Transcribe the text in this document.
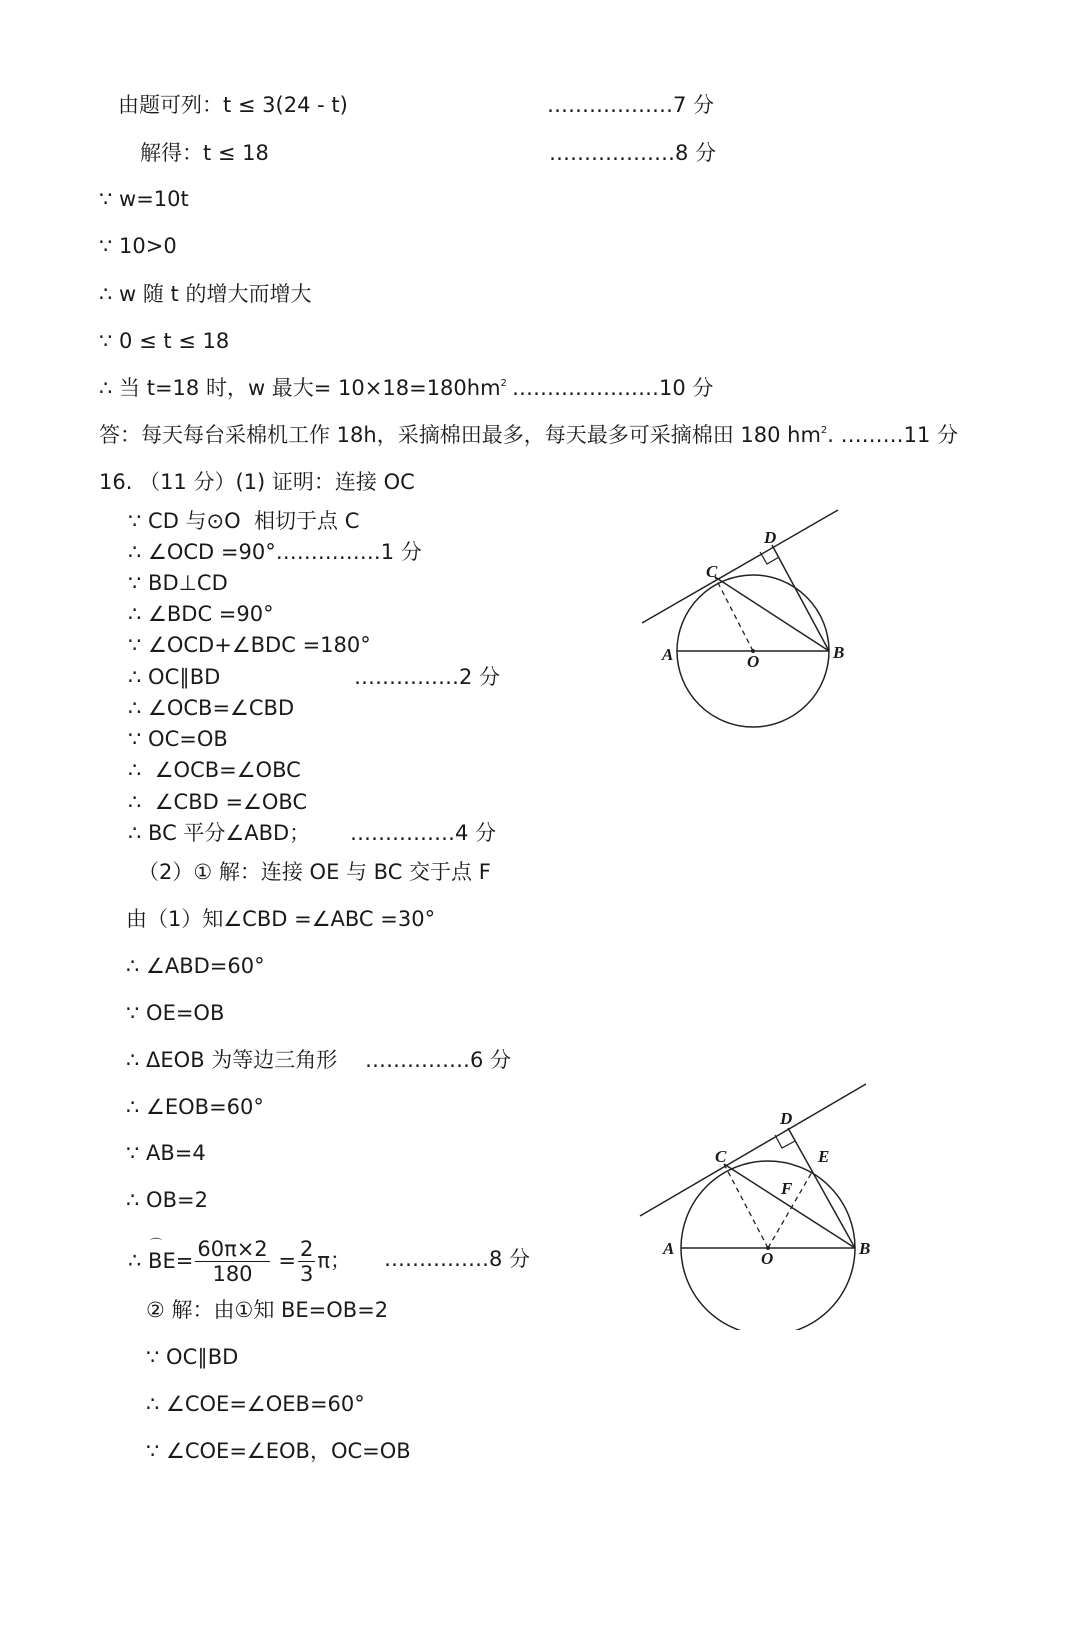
由题可列：t ≤ 3(24 - t)	………………7 分
解得：t ≤ 18	………………8 分
∵ w=10t
∵ 10>0
∴ w 随 t 的增大而增大
∵ 0 ≤ t ≤ 18
∴ 当 t=18 时，w 最大= $10\times 18=180hm^2$ …………………10 分
答：每天每台采棉机工作 18h，采摘棉田最多，每天最多可采摘棉田 180 $hm^2$. ………11 分
16. （11 分）(1) 证明：连接 OC
∵ CD 与⊙O  相切于点 C
∴ ∠OCD =90°……………1 分
∵ BD⊥CD
∴ ∠BDC =90°
∵ ∠OCD+∠BDC =180°
∴ OC∥BD	……………2 分
∴ ∠OCB=∠CBD
∵ OC=OB
∴  ∠OCB=∠OBC
∴  ∠CBD =∠OBC
∴ BC 平分∠ABD； ……………4 分
（2）① 解：连接 OE 与 BC 交于点 F
由（1）知∠CBD =∠ABC =30°
∴ ∠ABD=60°
∵ OE=OB
∴ ΔEOB 为等边三角形 ……………6 分
∴ ∠EOB=60°
∵ AB=4
∴ OB=2
② 解：由①知 BE=OB=2
∵ OC∥BD
∴ ∠COE=∠OEB=60°
∵ ∠COE=∠EOB，OC=OB
∴ ⌒ $BE= \frac{60\pi\times 2}{180} = \frac{2}{3}$ π； ……………8 分
A	B
C
D
O
A	B
C
D
E
F
O
